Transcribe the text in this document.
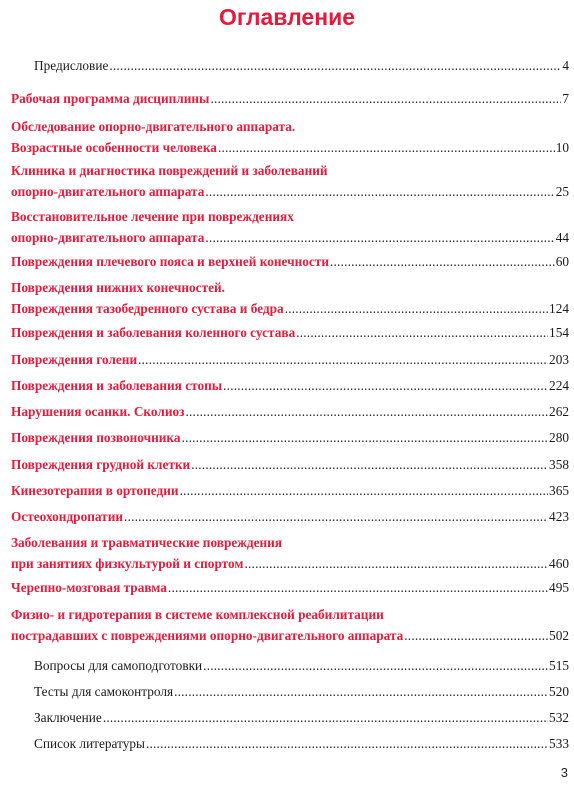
Оглавление
Предисловие .....	4
Рабочая программа дисциплины .....	7
Обследование опорно-двигательного аппарата.
Возрастные особенности человека .....	10
Клиника и диагностика повреждений и заболеваний
опорно-двигательного аппарата .....	25
Восстановительное лечение при повреждениях
опорно-двигательного аппарата .....	44
Повреждения плечевого пояса и верхней конечности .....	60
Повреждения нижних конечностей.
Повреждения тазобедренного сустава и бедра .....	124
Повреждения и заболевания коленного сустава .....	154
Повреждения голени .....	203
Повреждения и заболевания стопы .....	224
Нарушения осанки. Сколиоз .....	262
Повреждения позвоночника .....	280
Повреждения грудной клетки .....	358
Кинезотерапия в ортопедии .....	365
Остеохондропатии .....	423
Заболевания и травматические повреждения
при занятиях физкультурой и спортом .....	460
Черепно-мозговая травма .....	495
Физио- и гидротерапия в системе комплексной реабилитации
пострадавших с повреждениями опорно-двигательного аппарата .....	502
Вопросы для самоподготовки .....	515
Тесты для самоконтроля .....	520
Заключение .....	532
Список литературы .....	533
3
